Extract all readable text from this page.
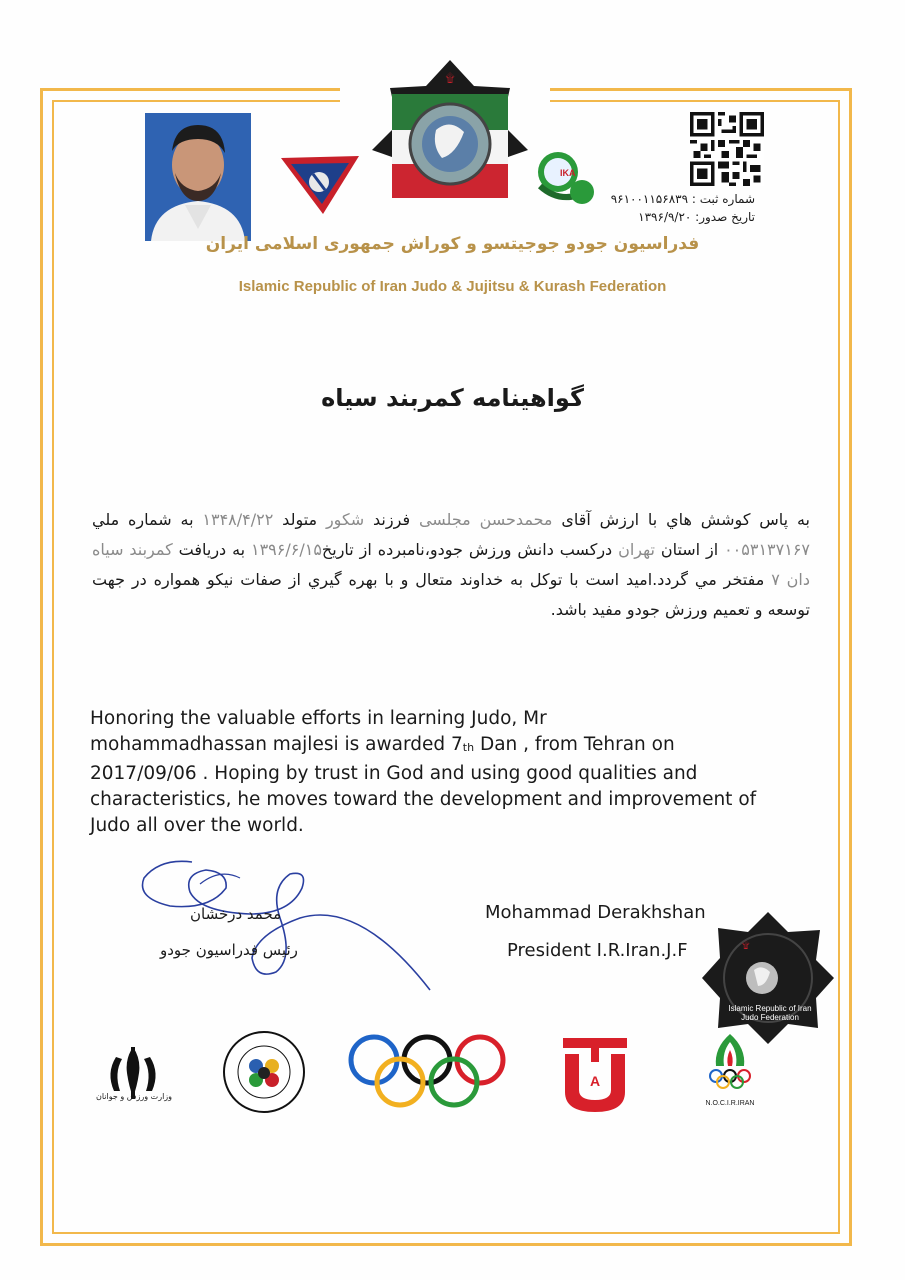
۩
IKA
شماره ثبت : ۹۶۱۰۰۱۱۵۶۸۳۹
تاریخ صدور: ۱۳۹۶/۹/۲۰
فدراسیون جودو جوجیتسو و کوراش جمهوری اسلامی ایران
Islamic Republic of Iran Judo & Jujitsu & Kurash Federation
گواهینامه کمربند سیاه
به پاس کوشش هاي با ارزش آقای محمدحسن مجلسی فرزند شکور متولد ۱۳۴۸/۴/۲۲ به شماره ملي ۰۰۵۳۱۳۷۱۶۷ از استان تهران درکسب دانش ورزش جودو،نامبرده از تاریخ۱۳۹۶/۶/۱۵ به دریافت کمربند سیاه دان ۷ مفتخر مي گردد.امید است با توکل به خداوند متعال و با بهره گیري از صفات نیکو همواره در جهت توسعه و تعمیم ورزش جودو مفید باشد.
Honoring the valuable efforts in learning Judo, Mr
mohammadhassan majlesi is awarded $7_{th}$ Dan , from Tehran on
2017/09/06 . Hoping by trust in God and using good qualities and characteristics, he moves toward the development and improvement of Judo all over the world.
محمد درخشان
رئیس فدراسیون جودو
Mohammad Derakhshan
President I.R.Iran.J.F	۩
Islamic Republic of Iran
Judo Federation
وزارت ورزش و جوانان
A
N.O.C.I.R.IRAN
